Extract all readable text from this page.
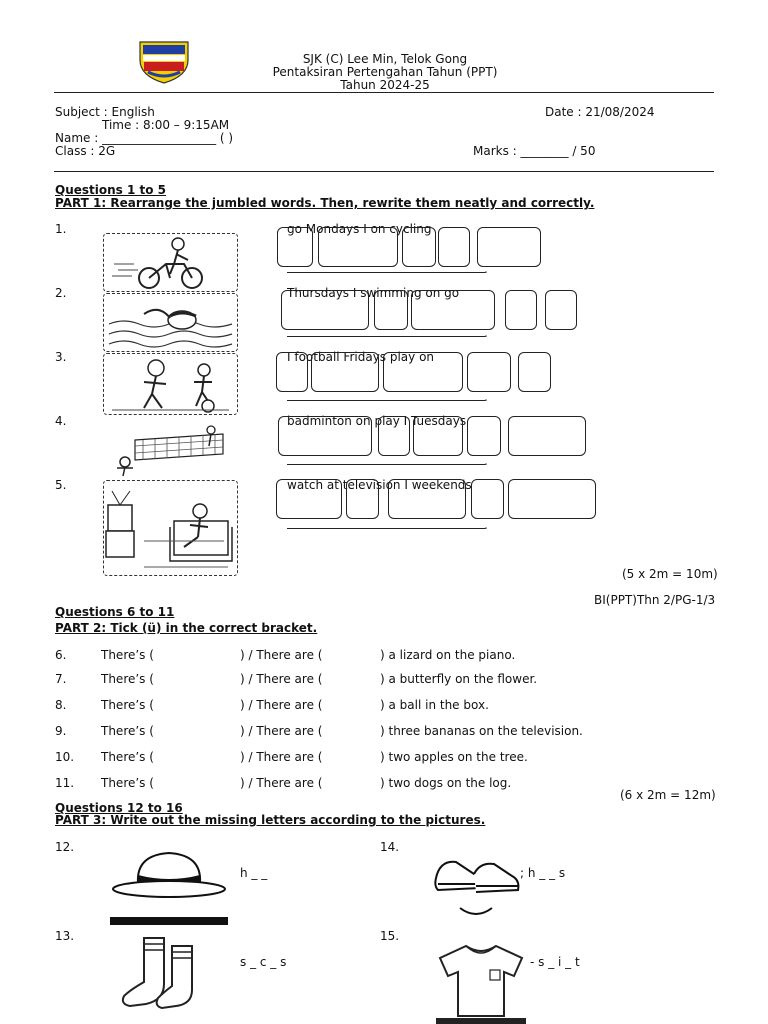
SJK (C) Lee Min, Telok Gong
Pentaksiran Pertengahan Tahun (PPT)
Tahun 2024-25
Subject : English	Date : 21/08/2024
Time : 8:00 – 9:15AM
Name : ___________________ ( )
Class : 2G	Marks : ________ / 50
Questions 1 to 5
PART 1: Rearrange the jumbled words. Then, rewrite them neatly and correctly.
1.	go Mondays I on cycling
.
2.	Thursdays I swimming on go
.
3.	I football Fridays play on
.
4.	badminton on play I Tuesdays
.
5.	watch at television I weekends
.
(5 x 2m = 10m)
BI(PPT)Thn 2/PG-1/3
Questions 6 to 11
PART 2: Tick (ü) in the correct bracket.
6.	There’s (	) / There are (	) a lizard on the piano.
7.	There’s (	) / There are (	) a butterfly on the flower.
8.	There’s (	) / There are (	) a ball in the box.
9.	There’s (	) / There are (	) three bananas on the television.
10. There’s (	) / There are (	) two apples on the tree.
11. There’s (	) / There are (	) two dogs on the log.
(6 x 2m = 12m)
Questions 12 to 16
PART 3: Write out the missing letters according to the pictures.
12.
h _ _
14.
; h _ _ s
13.
s _ c _ s
15.
- s _ i _ t
